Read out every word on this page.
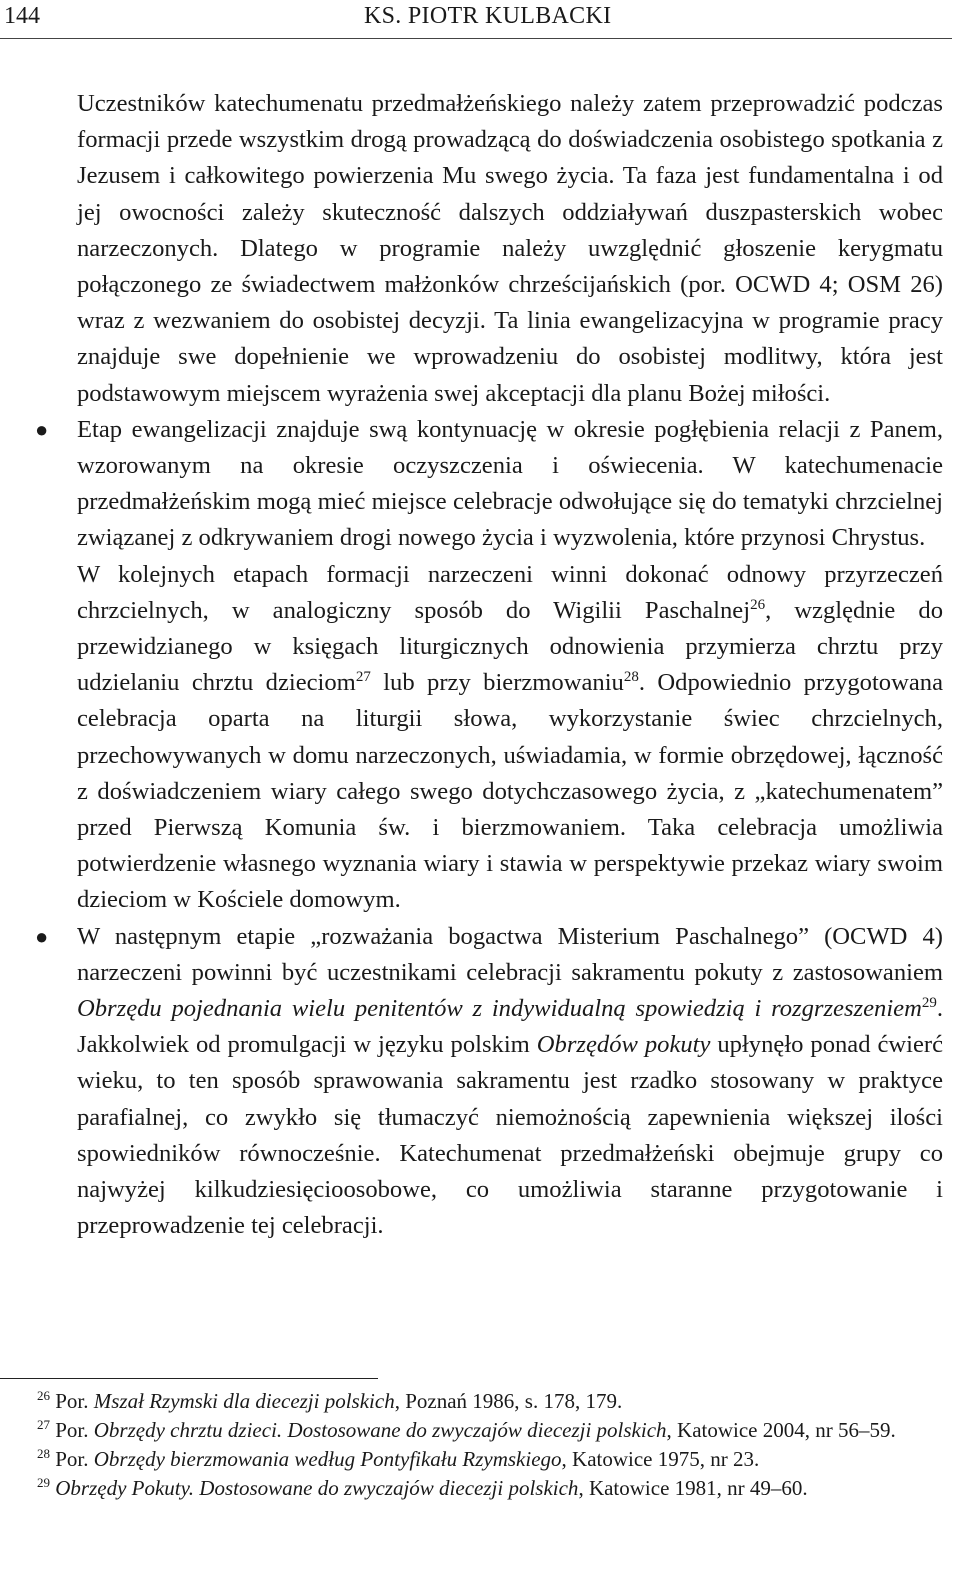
144	KS. PIOTR KULBACKI

Uczestników katechumenatu przedmałżeńskiego należy zatem przeprowadzić podczas formacji przede wszystkim drogą prowadzącą do doświadczenia osobistego spotkania z Jezusem i całkowitego powierzenia Mu swego życia. Ta faza jest fundamentalna i od jej owocności zależy skuteczność dalszych oddziaływań duszpasterskich wobec narzeczonych. Dlatego w programie należy uwzględnić głoszenie kerygmatu połączonego ze świadectwem małżonków chrześcijańskich (por. OCWD 4; OSM 26) wraz z wezwaniem do osobistej decyzji. Ta linia ewangelizacyjna w programie pracy znajduje swe dopełnienie we wprowadzeniu do osobistej modlitwy, która jest podstawowym miejscem wyrażenia swej akceptacji dla planu Bożej miłości.

● Etap ewangelizacji znajduje swą kontynuację w okresie pogłębienia relacji z Panem, wzorowanym na okresie oczyszczenia i oświecenia. W katechumenacie przedmałżeńskim mogą mieć miejsce celebracje odwołujące się do tematyki chrzcielnej związanej z odkrywaniem drogi nowego życia i wyzwolenia, które przynosi Chrystus.

W kolejnych etapach formacji narzeczeni winni dokonać odnowy przyrzeczeń chrzcielnych, w analogiczny sposób do Wigilii Paschalnej$^{26}$, względnie do przewidzianego w księgach liturgicznych odnowienia przymierza chrztu przy udzielaniu chrztu dzieciom$^{27}$ lub przy bierzmowaniu$^{28}$. Odpowiednio przygotowana celebracja oparta na liturgii słowa, wykorzystanie świec chrzcielnych, przechowywanych w domu narzeczonych, uświadamia, w formie obrzędowej, łączność z doświadczeniem wiary całego swego dotychczasowego życia, z „katechumenatem” przed Pierwszą Komunia św. i bierzmowaniem. Taka celebracja umożliwia potwierdzenie własnego wyznania wiary i stawia w perspektywie przekaz wiary swoim dzieciom w Kościele domowym.

● W następnym etapie „rozważania bogactwa Misterium Paschalnego” (OCWD 4) narzeczeni powinni być uczestnikami celebracji sakramentu pokuty z zastosowaniem Obrzędu pojednania wielu penitentów z indywidualną spowiedzią i rozgrzeszeniem$^{29}$. Jakkolwiek od promulgacji w języku polskim Obrzędów pokuty upłynęło ponad ćwierć wieku, to ten sposób sprawowania sakramentu jest rzadko stosowany w praktyce parafialnej, co zwykło się tłumaczyć niemożnością zapewnienia większej ilości spowiedników równocześnie. Katechumenat przedmałżeński obejmuje grupy co najwyżej kilkudziesięcioosobowe, co umożliwia staranne przygotowanie i przeprowadzenie tej celebracji.

$^{26}$ Por. Mszał Rzymski dla diecezji polskich, Poznań 1986, s. 178, 179.

$^{27}$ Por. Obrzędy chrztu dzieci. Dostosowane do zwyczajów diecezji polskich, Katowice 2004, nr 56–59.

$^{28}$ Por. Obrzędy bierzmowania według Pontyfikału Rzymskiego, Katowice 1975, nr 23.

$^{29}$ Obrzędy Pokuty. Dostosowane do zwyczajów diecezji polskich, Katowice 1981, nr 49–60.
